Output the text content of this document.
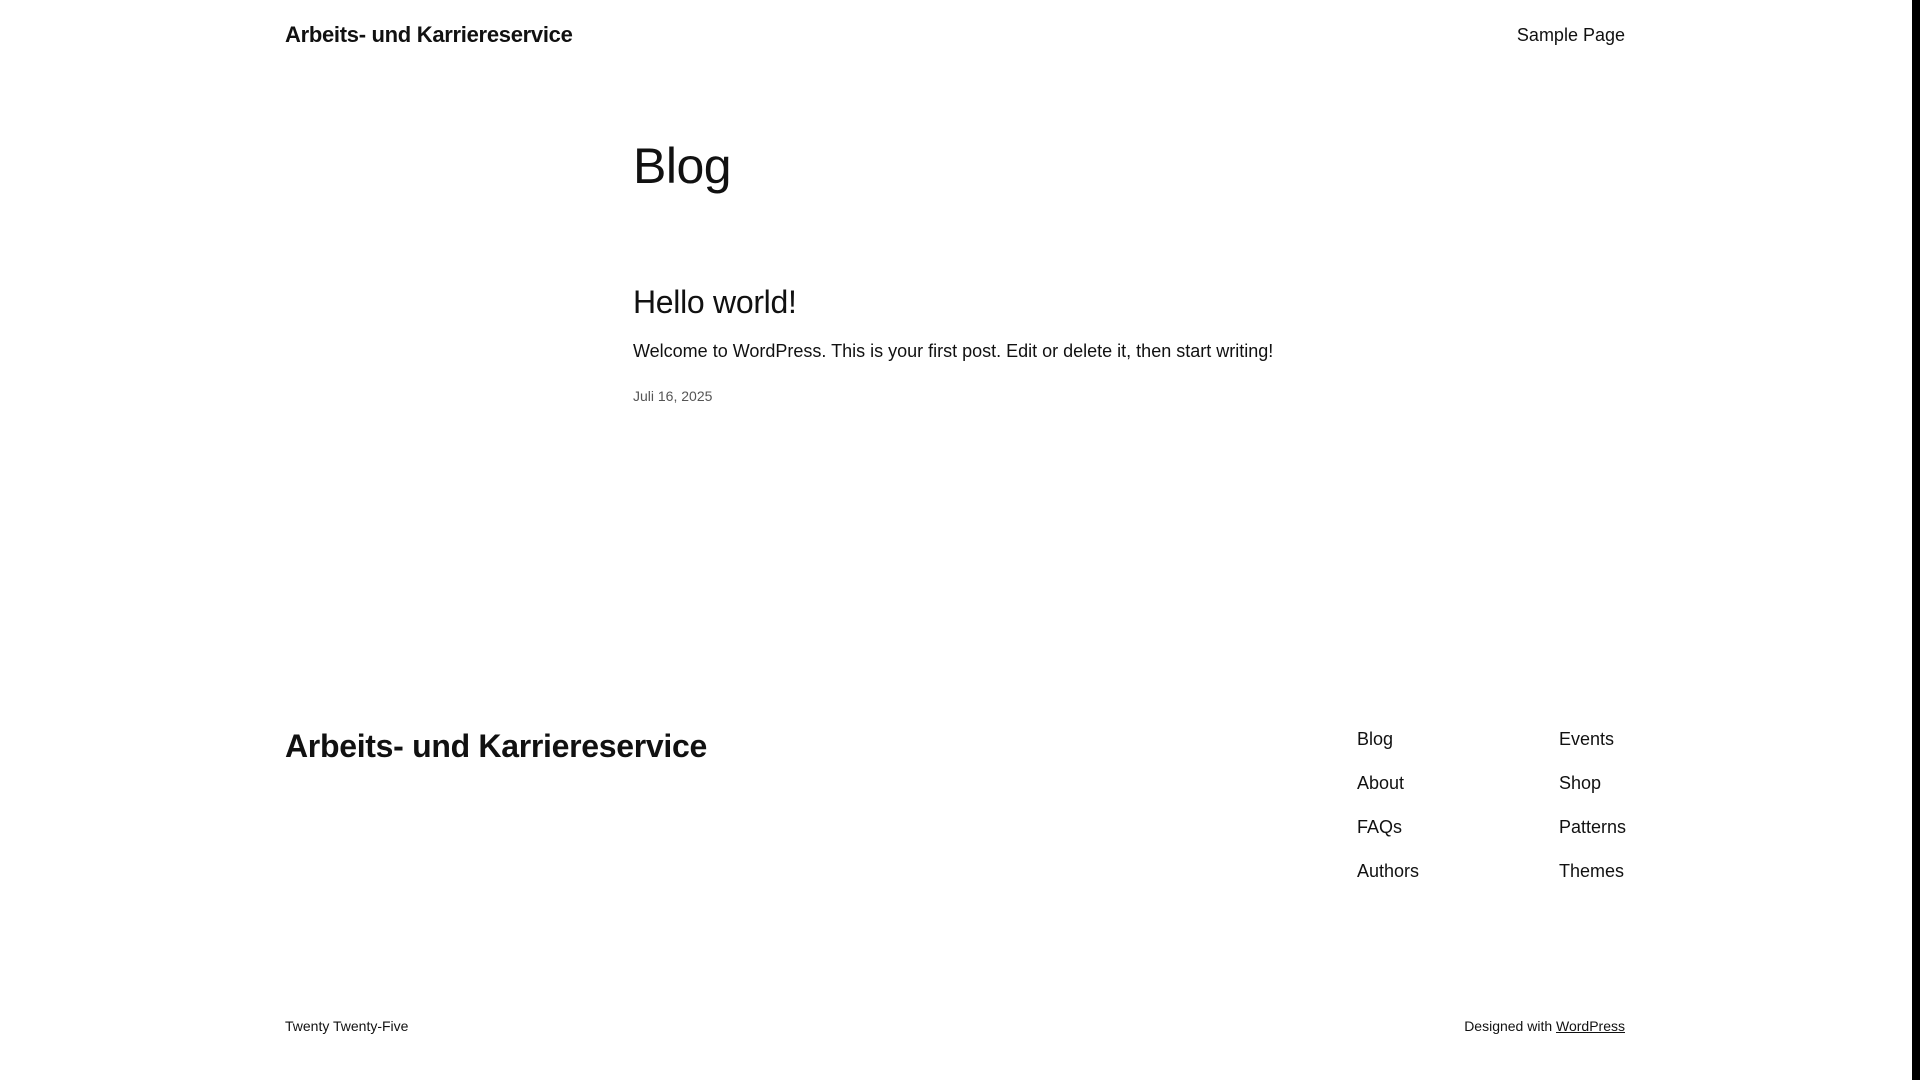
Arbeits- und Karriereservice	Sample Page
Blog
Hello world!

Welcome to WordPress. This is your first post. Edit or delete it, then start writing!

Juli 16, 2025

Arbeits- und Karriereservice	Blog
About
FAQs
Authors
Events
Shop
Patterns
Themes
Twenty Twenty-Five	Designed with WordPress
